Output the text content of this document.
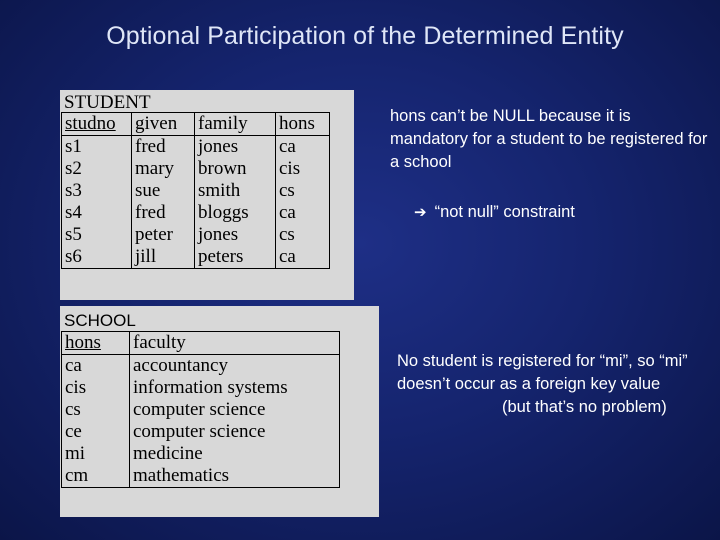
Optional Participation of the Determined Entity
STUDENT
studno	given	family	hons
s1	fred	jones	ca
s2	mary	brown	cis
s3	sue	smith	cs
s4	fred	bloggs	ca
s5	peter	jones	cs
s6	jill	peters	ca
SCHOOL
hons	faculty
ca	accountancy
cis	information systems
cs	computer science
ce	computer science
mi	medicine
cm	mathematics
hons can’t be NULL because it is mandatory for a student to be registered for a school
➔ “not null” constraint
No student is registered for “mi”, so “mi” doesn’t occur as a foreign key value
(but that’s no problem)
